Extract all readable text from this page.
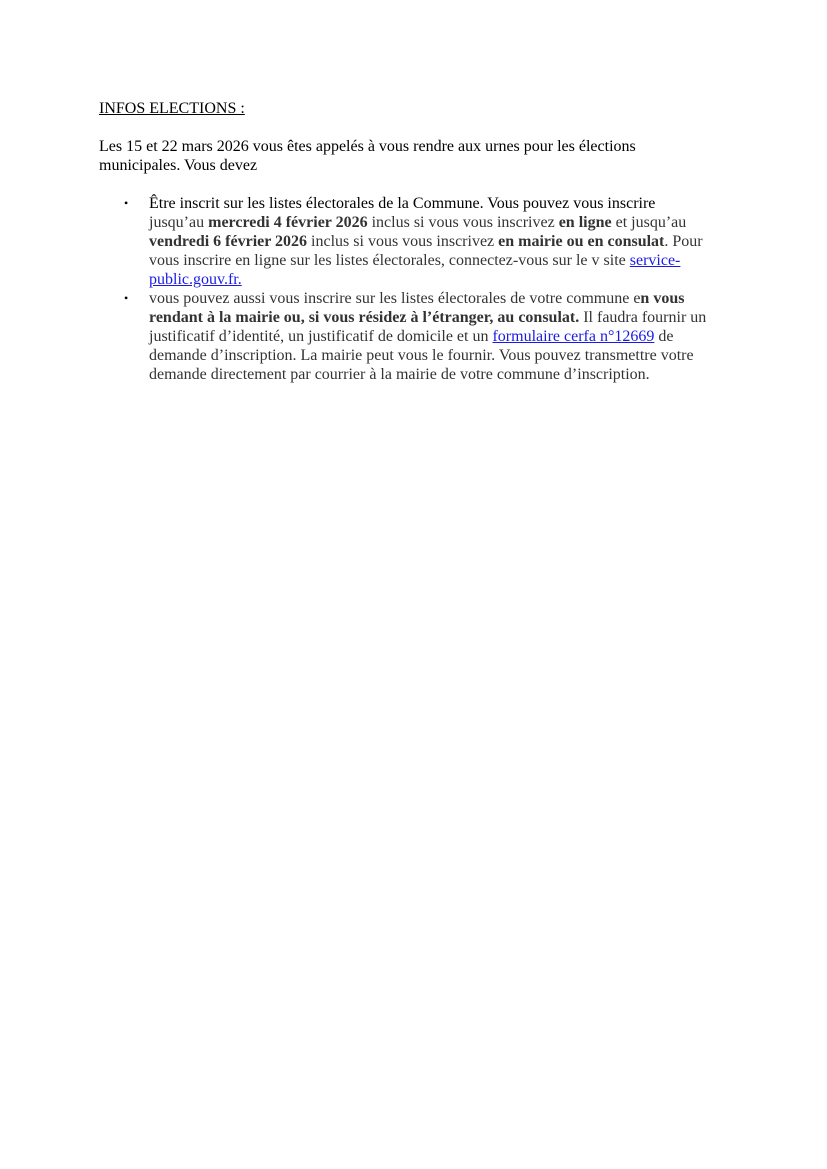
INFOS ELECTIONS :

Les 15 et 22 mars 2026 vous êtes appelés à vous rendre aux urnes pour les élections municipales. Vous devez

• Être inscrit sur les listes électorales de la Commune. Vous pouvez vous inscrire
jusqu’au mercredi 4 février 2026 inclus si vous vous inscrivez en ligne et jusqu’au vendredi 6 février 2026 inclus si vous vous inscrivez en mairie ou en consulat. Pour vous inscrire en ligne sur les listes électorales, connectez-vous sur le v site service-public.gouv.fr.
• vous pouvez aussi vous inscrire sur les listes électorales de votre commune en vous rendant à la mairie ou, si vous résidez à l’étranger, au consulat. Il faudra fournir un justificatif d’identité, un justificatif de domicile et un formulaire cerfa n°12669 de demande d’inscription. La mairie peut vous le fournir. Vous pouvez transmettre votre demande directement par courrier à la mairie de votre commune d’inscription.
